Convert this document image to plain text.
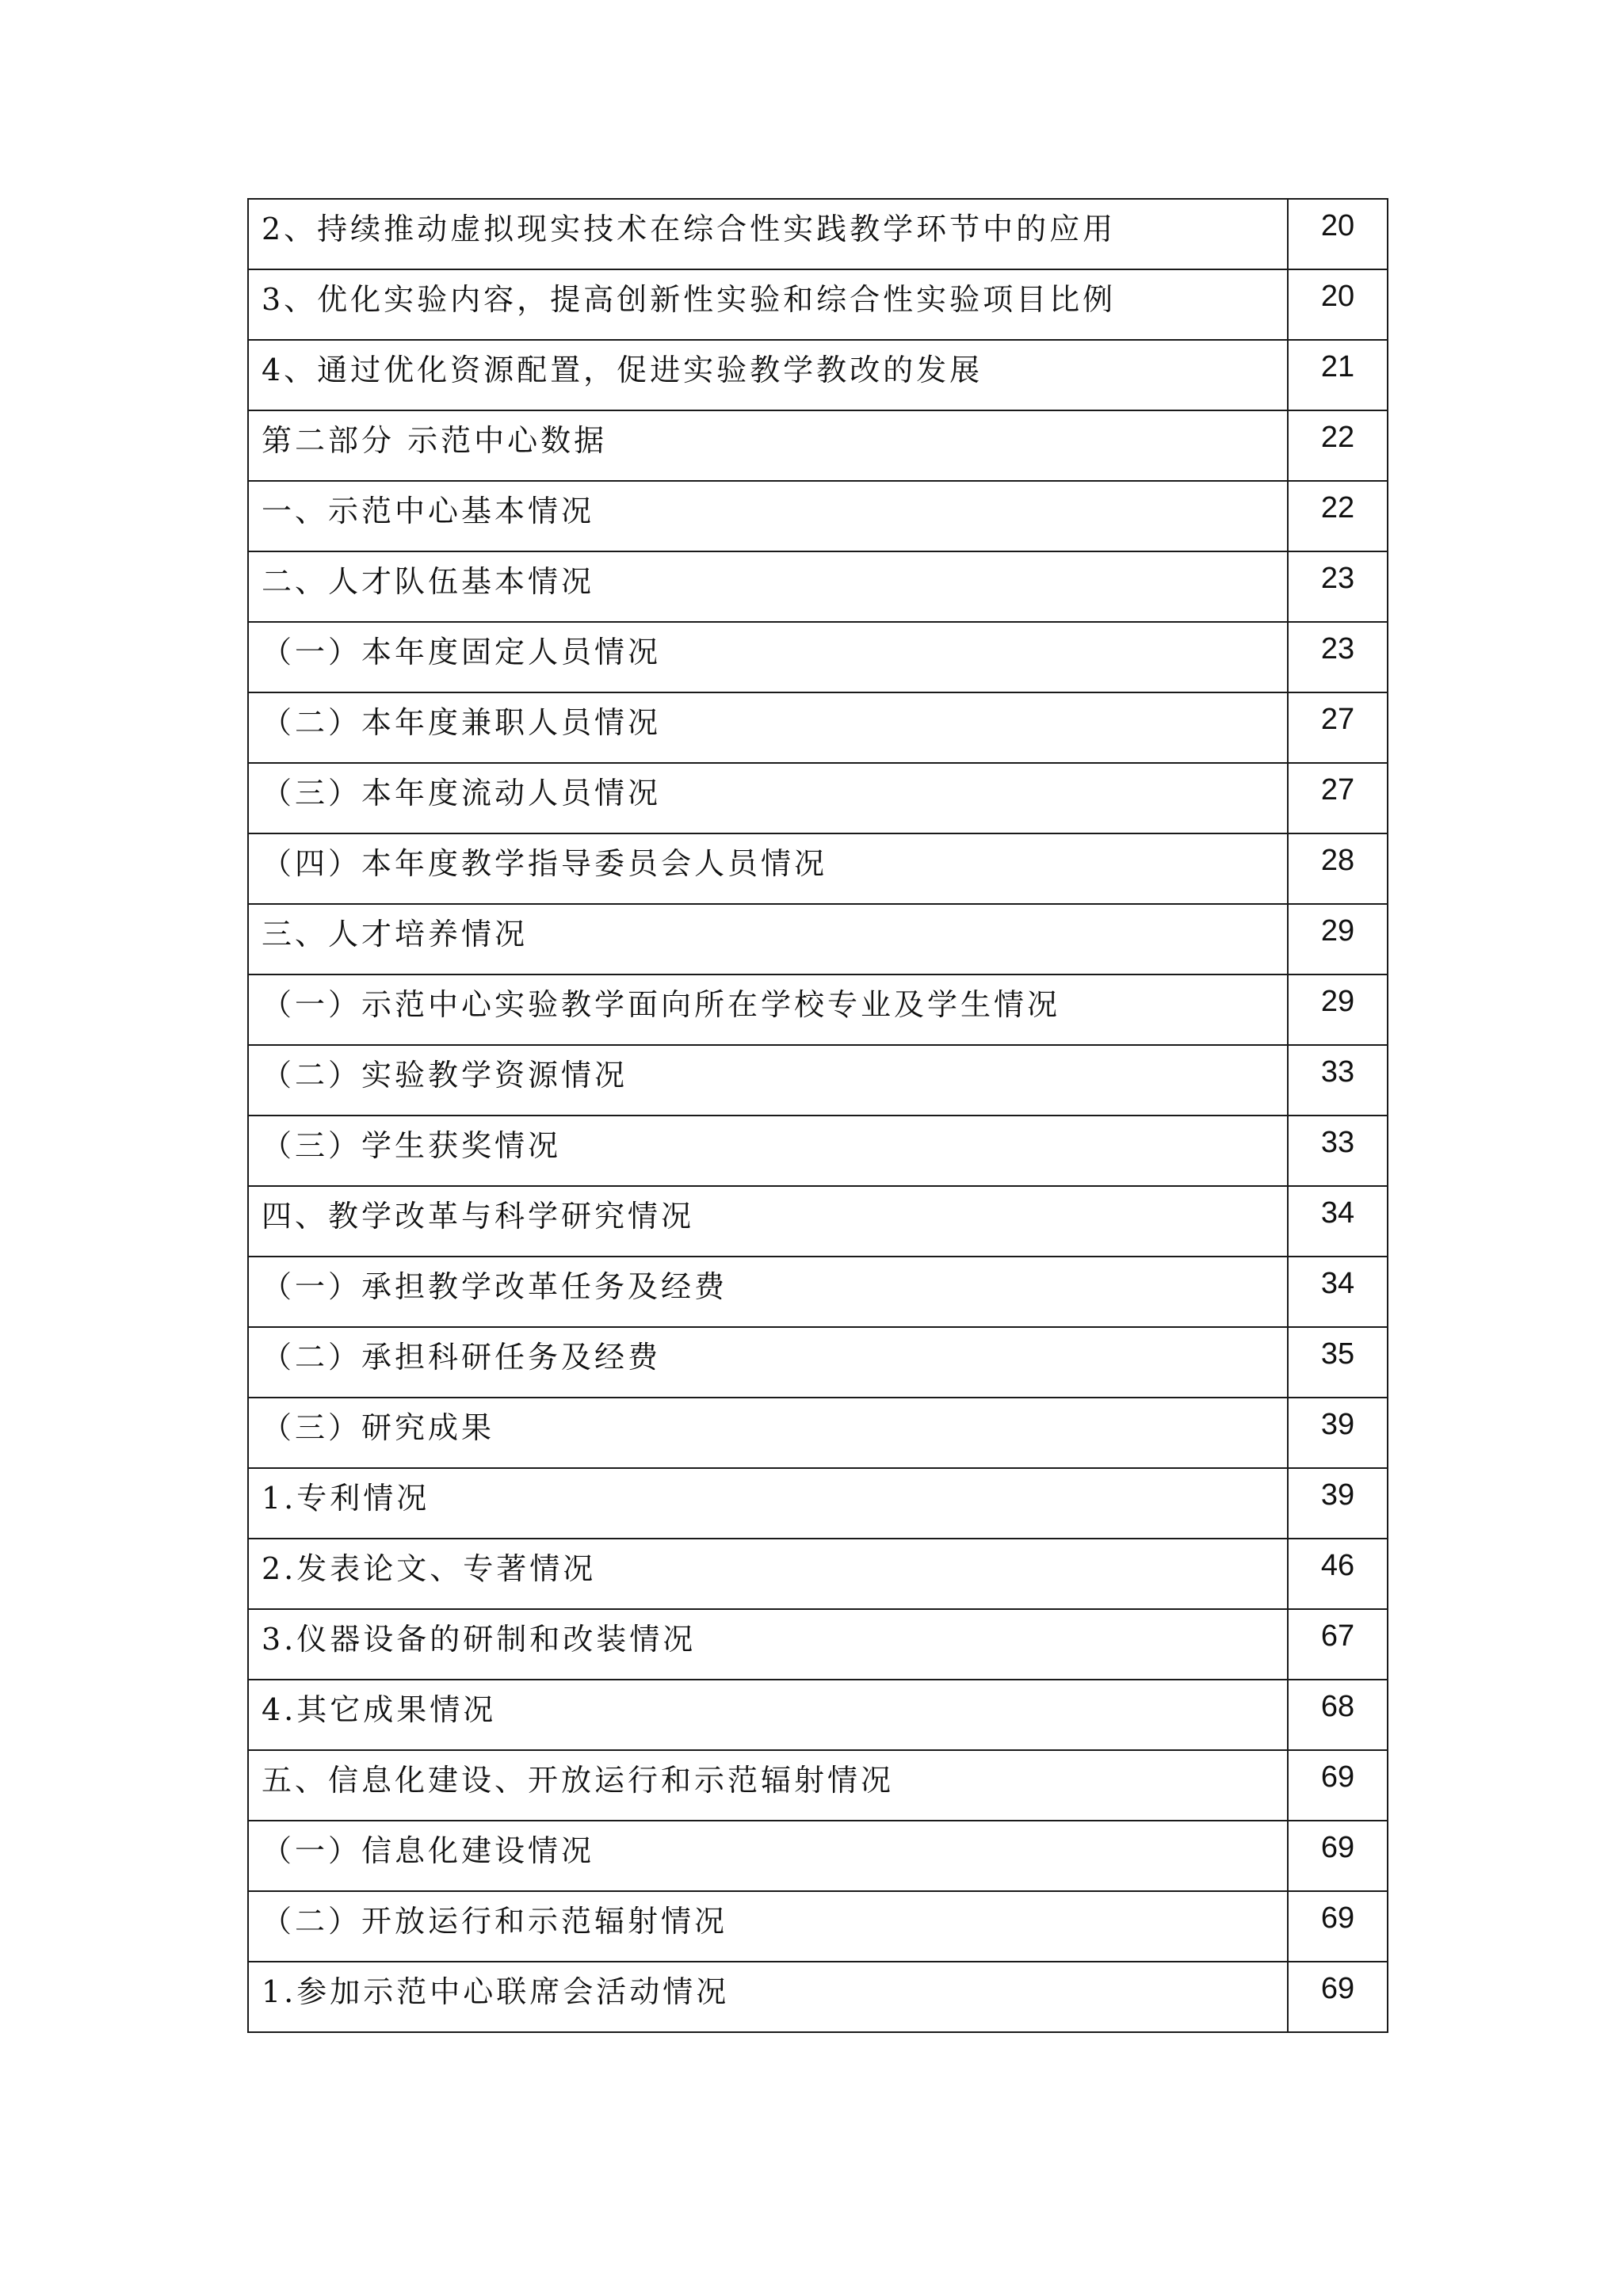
2、持续推动虚拟现实技术在综合性实践教学环节中的应用	20
3、优化实验内容，提高创新性实验和综合性实验项目比例	20
4、通过优化资源配置，促进实验教学教改的发展	21
第二部分 示范中心数据	22
一、示范中心基本情况	22
二、人才队伍基本情况	23
（一）本年度固定人员情况	23
（二）本年度兼职人员情况	27
（三）本年度流动人员情况	27
（四）本年度教学指导委员会人员情况	28
三、人才培养情况	29
（一）示范中心实验教学面向所在学校专业及学生情况	29
（二）实验教学资源情况	33
（三）学生获奖情况	33
四、教学改革与科学研究情况	34
（一）承担教学改革任务及经费	34
（二）承担科研任务及经费	35
（三）研究成果	39
1.专利情况	39
2.发表论文、专著情况	46
3.仪器设备的研制和改装情况	67
4.其它成果情况	68
五、信息化建设、开放运行和示范辐射情况	69
（一）信息化建设情况	69
（二）开放运行和示范辐射情况	69
1.参加示范中心联席会活动情况	69
